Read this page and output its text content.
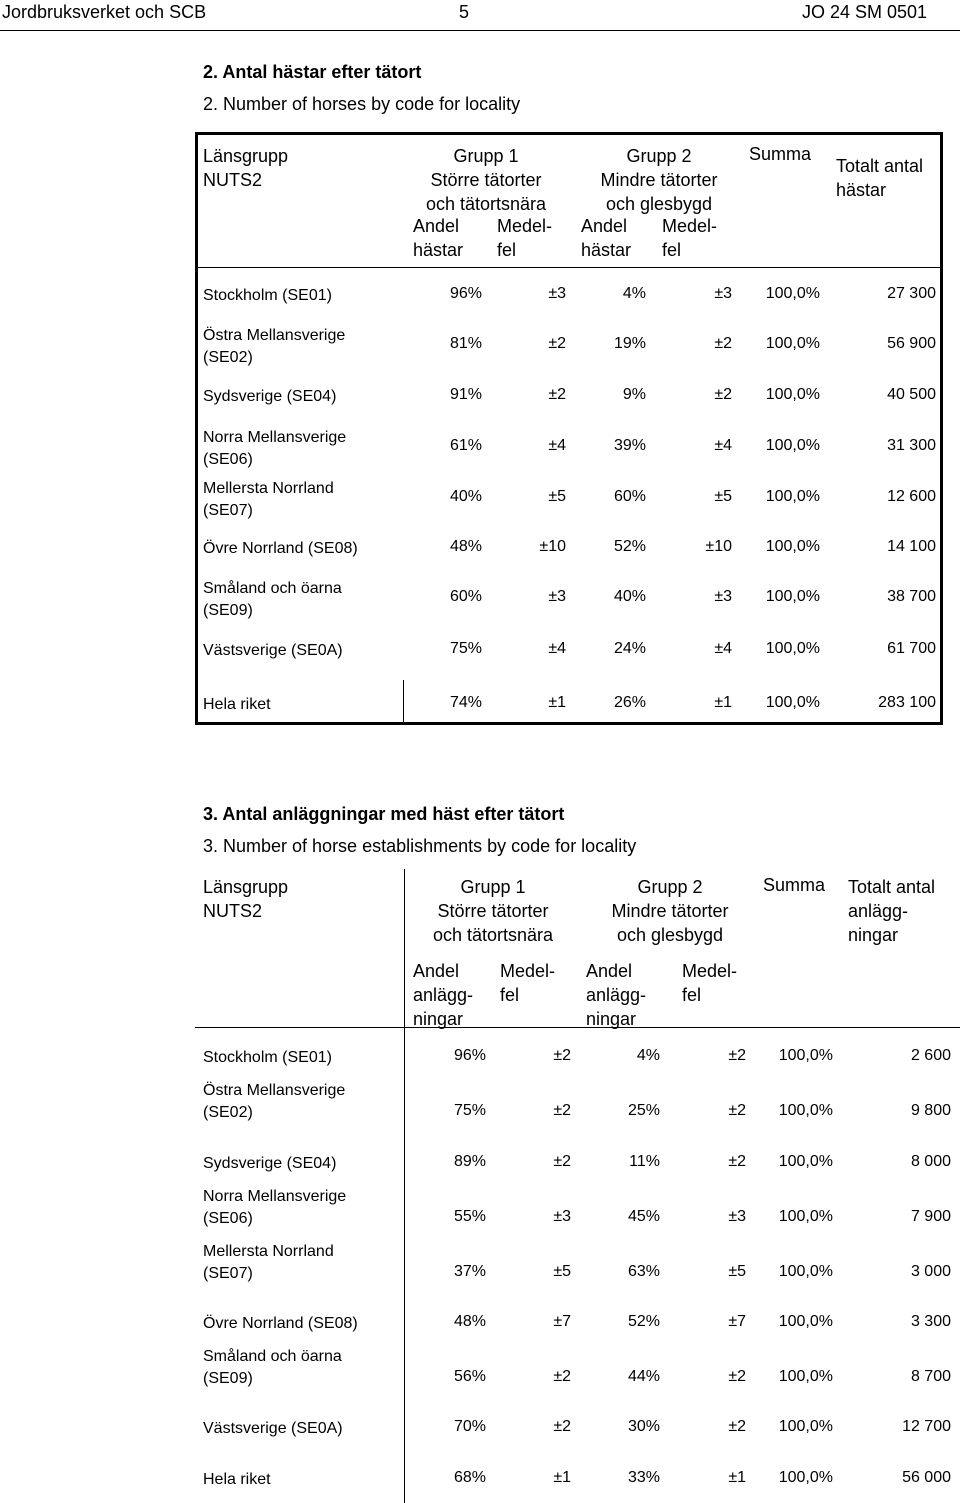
Jordbruksverket och SCB	5	JO 24 SM 0501
2. Antal hästar efter tätort
2. Number of horses by code for locality
Länsgrupp
NUTS2
Grupp 1
Större tätorter
och tätortsnära
Grupp 2
Mindre tätorter
och glesbygd
Andel
hästar
Medel-
fel
Andel
hästar
Medel-
fel
Summa
Totalt antal
hästar
Stockholm (SE01)	96%	±3	4%	±3	100,0%	27 300
Östra Mellansverige
(SE02)
81%	±2	19%	±2	100,0%	56 900
Sydsverige (SE04)	91%	±2	9%	±2	100,0%	40 500
Norra Mellansverige
(SE06)
61%	±4	39%	±4	100,0%	31 300
Mellersta Norrland
(SE07)
40%	±5	60%	±5	100,0%	12 600
Övre Norrland (SE08)	48%	±10	52%	±10	100,0%	14 100
Småland och öarna
(SE09)
60%	±3	40%	±3	100,0%	38 700
Västsverige (SE0A)	75%	±4	24%	±4	100,0%	61 700
Hela riket	74%	±1	26%	±1	100,0%	283 100
3. Antal anläggningar med häst efter tätort
3. Number of horse establishments by code for locality
Länsgrupp
NUTS2
Grupp 1
Större tätorter
och tätortsnära
Grupp 2
Mindre tätorter
och glesbygd
Andel
anlägg-
ningar
Medel-
fel
Andel
anlägg-
ningar
Medel-
fel
Summa Totalt antal
anlägg-
ningar
Stockholm (SE01)	96%	±2	4%	±2	100,0%	2 600
Östra Mellansverige
(SE02)	75%	±2	25%	±2	100,0%	9 800
Sydsverige (SE04)	89%	±2	11%	±2	100,0%	8 000
Norra Mellansverige
(SE06)	55%	±3	45%	±3	100,0%	7 900
Mellersta Norrland
(SE07)	37%	±5	63%	±5	100,0%	3 000
Övre Norrland (SE08)	48%	±7	52%	±7	100,0%	3 300
Småland och öarna
(SE09)	56%	±2	44%	±2	100,0%	8 700
Västsverige (SE0A)	70%	±2	30%	±2	100,0%	12 700
Hela riket	68%	±1	33%	±1	100,0%	56 000
